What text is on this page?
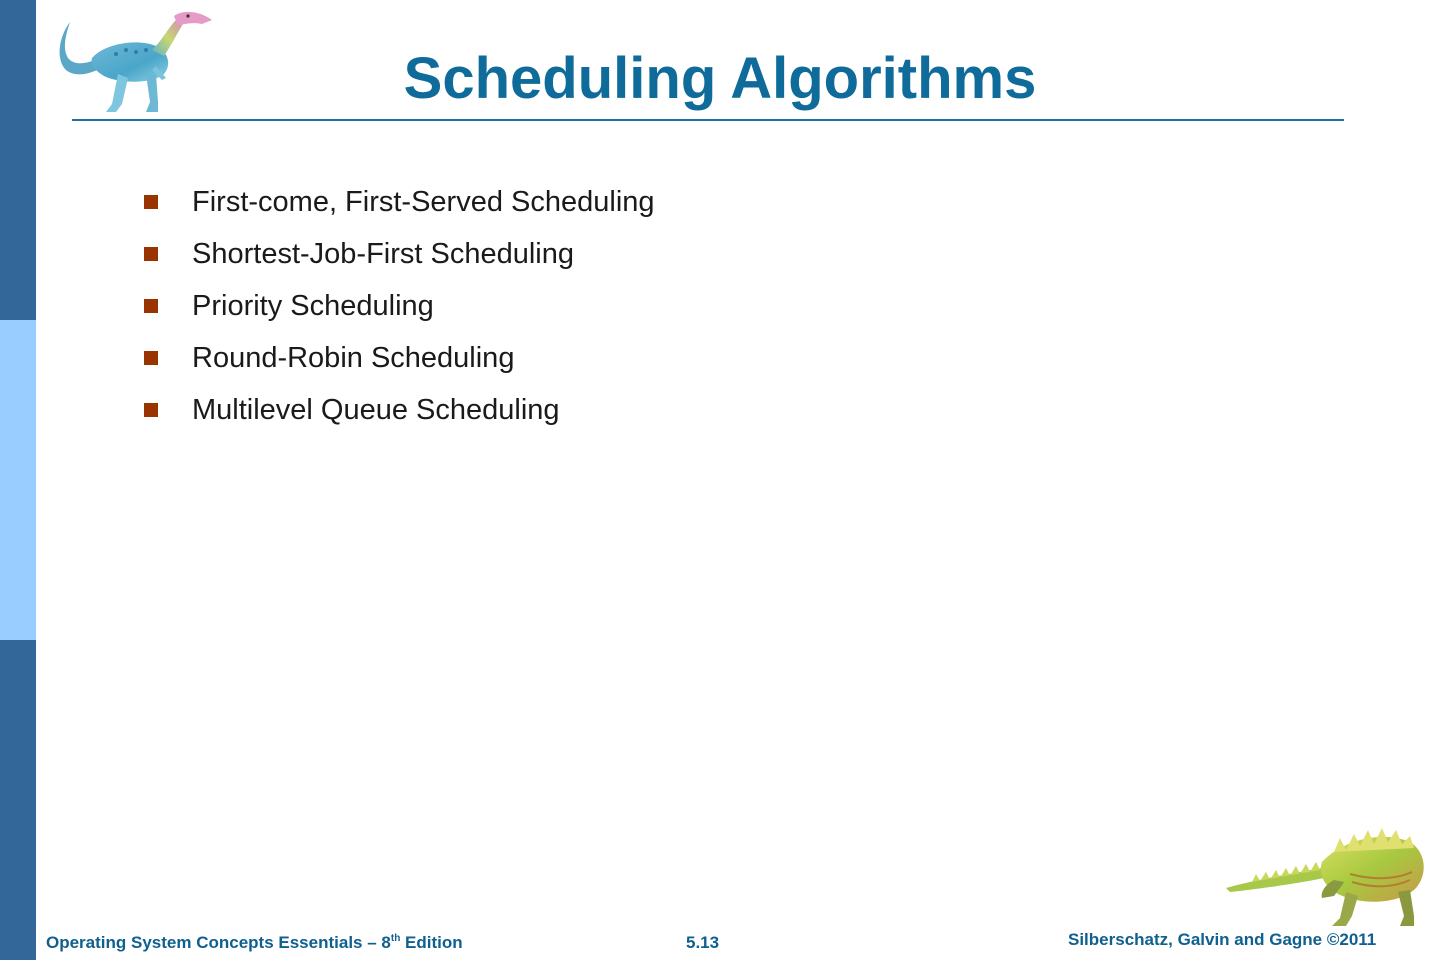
Scheduling Algorithms
First-come, First-Served Scheduling
Shortest-Job-First Scheduling
Priority Scheduling
Round-Robin Scheduling
Multilevel Queue Scheduling
Operating System Concepts Essentials – 8th Edition	5.13	Silberschatz, Galvin and Gagne ©2011
